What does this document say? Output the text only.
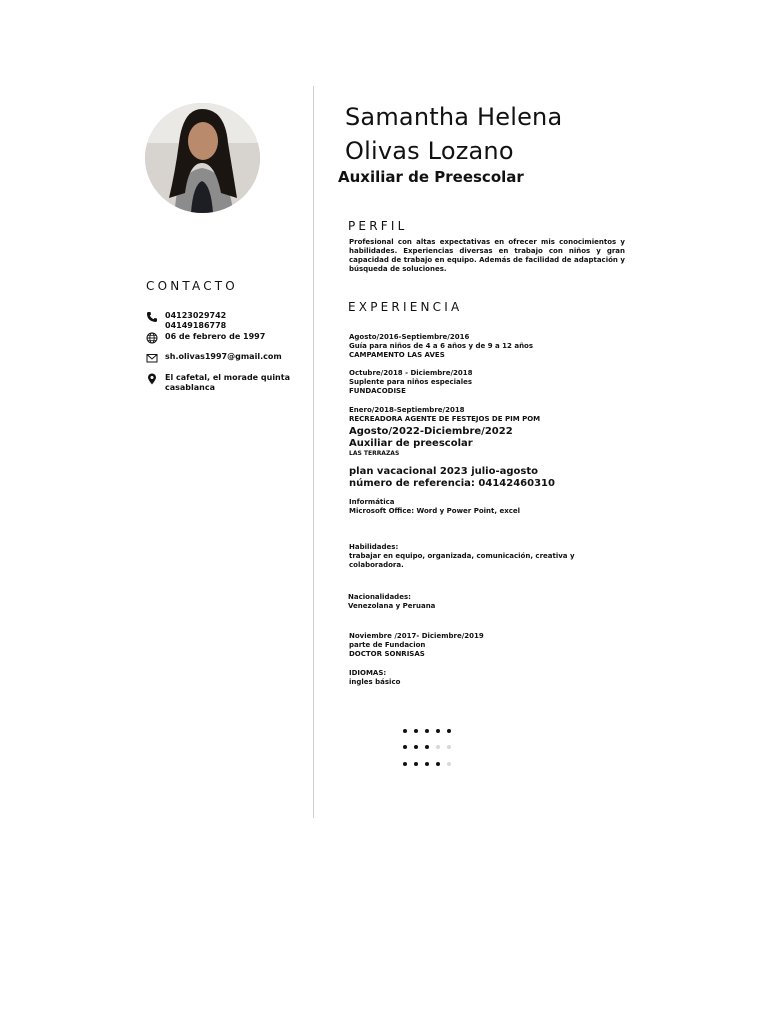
Samantha Helena
Olivas Lozano
Auxiliar de Preescolar
PERFIL
Profesional con altas expectativas en ofrecer mis conocimientos y habilidades. Experiencias diversas en trabajo con niños y gran capacidad de trabajo en equipo. Además de facilidad de adaptación y búsqueda de soluciones.
CONTACTO
04123029742
04149186778
06 de febrero de 1997
sh.olivas1997@gmail.com
El cafetal, el morade quinta
casablanca
EXPERIENCIA
Agosto/2016-Septiembre/2016
Guía para niños de 4 a 6 años y de 9 a 12 años
CAMPAMENTO LAS AVES
Octubre/2018 - Diciembre/2018
Suplente para niños especiales
FUNDACODISE
Enero/2018-Septiembre/2018
RECREADORA AGENTE DE FESTEJOS DE PIM POM
Agosto/2022-Diciembre/2022
Auxiliar de preescolar
LAS TERRAZAS
plan vacacional 2023 julio-agosto
número de referencia: 04142460310
Informática
Microsoft Office: Word y Power Point, excel
Habilidades:
trabajar en equipo, organizada, comunicación, creativa y
colaboradora.
Nacionalidades:
Venezolana y Peruana
Noviembre /2017- Diciembre/2019
parte de Fundacion
DOCTOR SONRISAS
IDIOMAS:
ingles básico
